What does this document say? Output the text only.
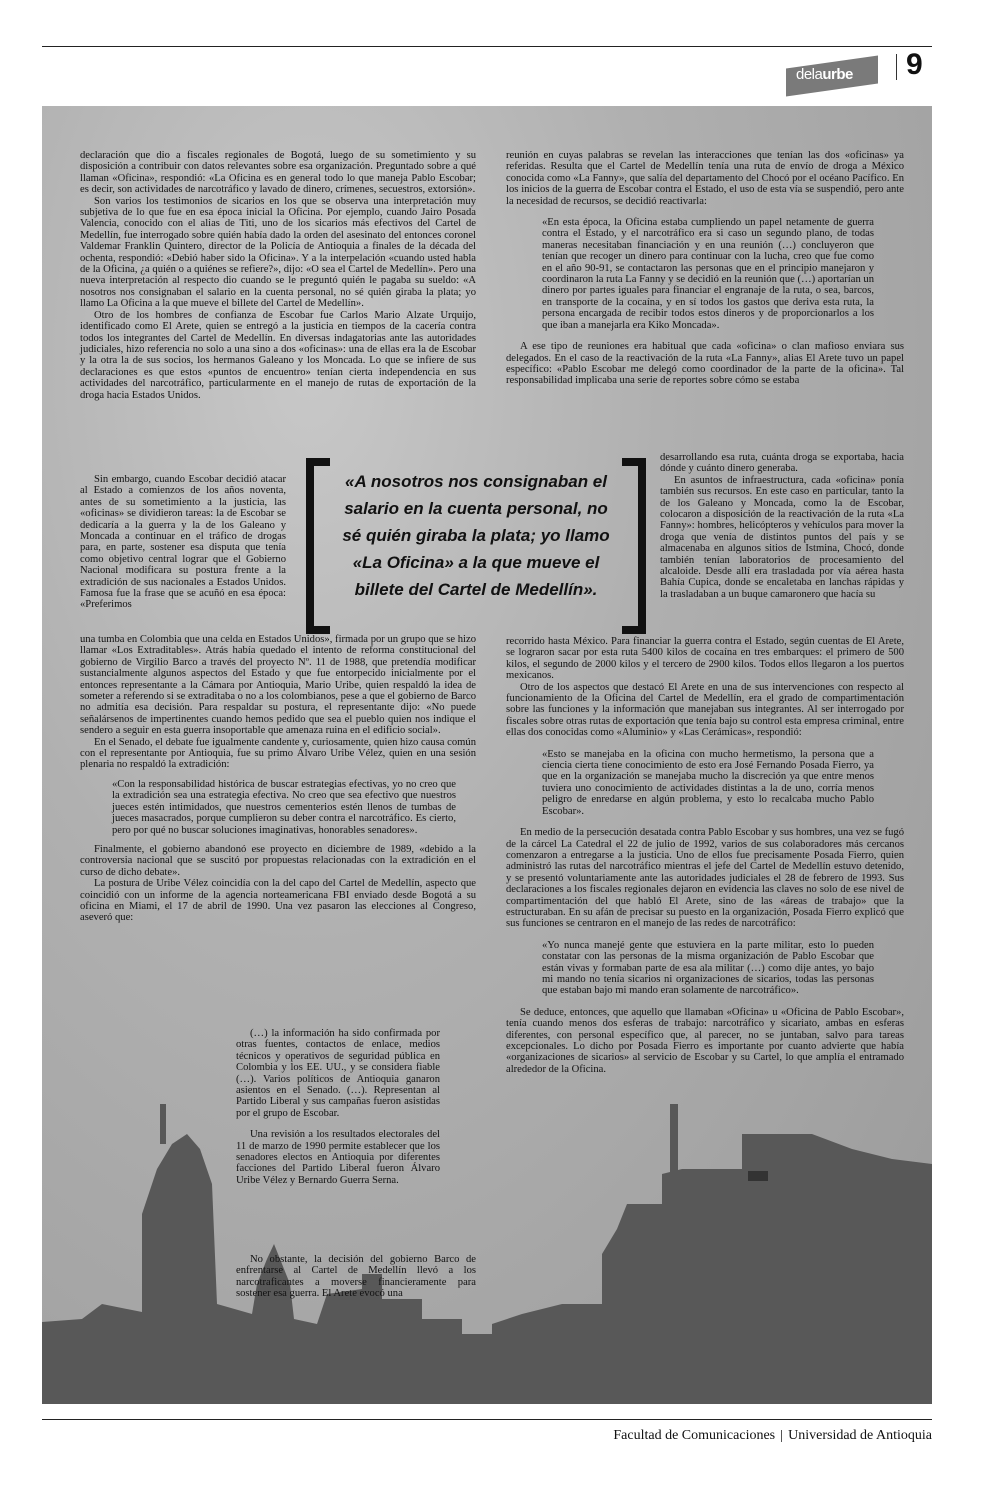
delaurbe 9

declaración que dio a fiscales regionales de Bogotá, luego de su sometimiento y su disposición a contribuir con datos relevantes sobre esa organización. Preguntado sobre a qué llaman «Oficina», respondió: «La Oficina es en general todo lo que maneja Pablo Escobar; es decir, son actividades de narcotráfico y lavado de dinero, crímenes, secuestros, extorsión».

Son varios los testimonios de sicarios en los que se observa una interpretación muy subjetiva de lo que fue en esa época inicial la Oficina. Por ejemplo, cuando Jairo Posada Valencia, conocido con el alias de Titi, uno de los sicarios más efectivos del Cartel de Medellín, fue interrogado sobre quién había dado la orden del asesinato del entonces coronel Valdemar Franklin Quintero, director de la Policía de Antioquia a finales de la década del ochenta, respondió: «Debió haber sido la Oficina». Y a la interpelación «cuando usted habla de la Oficina, ¿a quién o a quiénes se refiere?», dijo: «O sea el Cartel de Medellín». Pero una nueva interpretación al respecto dio cuando se le preguntó quién le pagaba su sueldo: «A nosotros nos consignaban el salario en la cuenta personal, no sé quién giraba la plata; yo llamo La Oficina a la que mueve el billete del Cartel de Medellín».

Otro de los hombres de confianza de Escobar fue Carlos Mario Alzate Urquijo, identificado como El Arete, quien se entregó a la justicia en tiempos de la cacería contra todos los integrantes del Cartel de Medellín. En diversas indagatorias ante las autoridades judiciales, hizo referencia no solo a una sino a dos «oficinas»: una de ellas era la de Escobar y la otra la de sus socios, los hermanos Galeano y los Moncada. Lo que se infiere de sus declaraciones es que estos «puntos de encuentro» tenían cierta independencia en sus actividades del narcotráfico, particularmente en el manejo de rutas de exportación de la droga hacia Estados Unidos.

Sin embargo, cuando Escobar decidió atacar al Estado a comienzos de los años noventa, antes de su sometimiento a la justicia, las «oficinas» se dividieron tareas: la de Escobar se dedicaría a la guerra y la de los Galeano y Moncada a continuar en el tráfico de drogas para, en parte, sostener esa disputa que tenía como objetivo central lograr que el Gobierno Nacional modificara su postura frente a la extradición de sus nacionales a Estados Unidos. Famosa fue la frase que se acuñó en esa época: «Preferimos

«A nosotros nos consignaban el salario en la cuenta personal, no sé quién giraba la plata; yo llamo «La Oficina» a la que mueve el billete del Cartel de Medellín».

una tumba en Colombia que una celda en Estados Unidos», firmada por un grupo que se hizo llamar «Los Extraditables». Atrás había quedado el intento de reforma constitucional del gobierno de Virgilio Barco a través del proyecto Nº. 11 de 1988, que pretendía modificar sustancialmente algunos aspectos del Estado y que fue entorpecido inicialmente por el entonces representante a la Cámara por Antioquia, Mario Uribe, quien respaldó la idea de someter a referendo si se extraditaba o no a los colombianos, pese a que el gobierno de Barco no admitía esa decisión. Para respaldar su postura, el representante dijo: «No puede señalársenos de impertinentes cuando hemos pedido que sea el pueblo quien nos indique el sendero a seguir en esta guerra insoportable que amenaza ruina en el edificio social».

En el Senado, el debate fue igualmente candente y, curiosamente, quien hizo causa común con el representante por Antioquia, fue su primo Álvaro Uribe Vélez, quien en una sesión plenaria no respaldó la extradición:

«Con la responsabilidad histórica de buscar estrategias efectivas, yo no creo que la extradición sea una estrategia efectiva. No creo que sea efectivo que nuestros jueces estén intimidados, que nuestros cementerios estén llenos de tumbas de jueces masacrados, porque cumplieron su deber contra el narcotráfico. Es cierto, pero por qué no buscar soluciones imaginativas, honorables senadores».

Finalmente, el gobierno abandonó ese proyecto en diciembre de 1989, «debido a la controversia nacional que se suscitó por propuestas relacionadas con la extradición en el curso de dicho debate».

La postura de Uribe Vélez coincidía con la del capo del Cartel de Medellín, aspecto que coincidió con un informe de la agencia norteamericana FBI enviado desde Bogotá a su oficina en Miami, el 17 de abril de 1990. Una vez pasaron las elecciones al Congreso, aseveró que:

(…) la información ha sido confirmada por otras fuentes, contactos de enlace, medios técnicos y operativos de seguridad pública en Colombia y los EE. UU., y se considera fiable (…). Varios políticos de Antioquia ganaron asientos en el Senado. (…). Representan al Partido Liberal y sus campañas fueron asistidas por el grupo de Escobar.

Una revisión a los resultados electorales del 11 de marzo de 1990 permite establecer que los senadores electos en Antioquia por diferentes facciones del Partido Liberal fueron Álvaro Uribe Vélez y Bernardo Guerra Serna.

No obstante, la decisión del gobierno Barco de enfrentarse al Cartel de Medellín llevó a los narcotraficantes a moverse financieramente para sostener esa guerra. El Arete evocó una

reunión en cuyas palabras se revelan las interacciones que tenían las dos «oficinas» ya referidas. Resulta que el Cartel de Medellín tenía una ruta de envío de droga a México conocida como «La Fanny», que salía del departamento del Chocó por el océano Pacífico. En los inicios de la guerra de Escobar contra el Estado, el uso de esta vía se suspendió, pero ante la necesidad de recursos, se decidió reactivarla:

«En esta época, la Oficina estaba cumpliendo un papel netamente de guerra contra el Estado, y el narcotráfico era si caso un segundo plano, de todas maneras necesitaban financiación y en una reunión (…) concluyeron que tenían que recoger un dinero para continuar con la lucha, creo que fue como en el año 90-91, se contactaron las personas que en el principio manejaron y coordinaron la ruta La Fanny y se decidió en la reunión que (…) aportarían un dinero por partes iguales para financiar el engranaje de la ruta, o sea, barcos, en transporte de la cocaína, y en sí todos los gastos que deriva esta ruta, la persona encargada de recibir todos estos dineros y de proporcionarlos a los que iban a manejarla era Kiko Moncada».

A ese tipo de reuniones era habitual que cada «oficina» o clan mafioso enviara sus delegados. En el caso de la reactivación de la ruta «La Fanny», alias El Arete tuvo un papel específico: «Pablo Escobar me delegó como coordinador de la parte de la oficina». Tal responsabilidad implicaba una serie de reportes sobre cómo se estaba

desarrollando esa ruta, cuánta droga se exportaba, hacia dónde y cuánto dinero generaba.

En asuntos de infraestructura, cada «oficina» ponía también sus recursos. En este caso en particular, tanto la de los Galeano y Moncada, como la de Escobar, colocaron a disposición de la reactivación de la ruta «La Fanny»: hombres, helicópteros y vehículos para mover la droga que venía de distintos puntos del país y se almacenaba en algunos sitios de Istmina, Chocó, donde también tenían laboratorios de procesamiento del alcaloide. Desde allí era trasladada por vía aérea hasta Bahía Cupica, donde se encaletaba en lanchas rápidas y la trasladaban a un buque camaronero que hacía su

recorrido hasta México. Para financiar la guerra contra el Estado, según cuentas de El Arete, se lograron sacar por esta ruta 5400 kilos de cocaína en tres embarques: el primero de 500 kilos, el segundo de 2000 kilos y el tercero de 2900 kilos. Todos ellos llegaron a los puertos mexicanos.

Otro de los aspectos que destacó El Arete en una de sus intervenciones con respecto al funcionamiento de la Oficina del Cartel de Medellín, era el grado de compartimentación sobre las funciones y la información que manejaban sus integrantes. Al ser interrogado por fiscales sobre otras rutas de exportación que tenía bajo su control esta empresa criminal, entre ellas dos conocidas como «Aluminio» y «Las Cerámicas», respondió:

«Esto se manejaba en la oficina con mucho hermetismo, la persona que a ciencia cierta tiene conocimiento de esto era José Fernando Posada Fierro, ya que en la organización se manejaba mucho la discreción ya que entre menos tuviera uno conocimiento de actividades distintas a la de uno, corría menos peligro de enredarse en algún problema, y esto lo recalcaba mucho Pablo Escobar».

En medio de la persecución desatada contra Pablo Escobar y sus hombres, una vez se fugó de la cárcel La Catedral el 22 de julio de 1992, varios de sus colaboradores más cercanos comenzaron a entregarse a la justicia. Uno de ellos fue precisamente Posada Fierro, quien administró las rutas del narcotráfico mientras el jefe del Cartel de Medellín estuvo detenido, y se presentó voluntariamente ante las autoridades judiciales el 28 de febrero de 1993. Sus declaraciones a los fiscales regionales dejaron en evidencia las claves no solo de ese nivel de compartimentación del que habló El Arete, sino de las «áreas de trabajo» que la estructuraban. En su afán de precisar su puesto en la organización, Posada Fierro explicó que sus funciones se centraron en el manejo de las redes de narcotráfico:

«Yo nunca manejé gente que estuviera en la parte militar, esto lo pueden constatar con las personas de la misma organización de Pablo Escobar que están vivas y formaban parte de esa ala militar (…) como dije antes, yo bajo mi mando no tenía sicarios ni organizaciones de sicarios, todas las personas que estaban bajo mi mando eran solamente de narcotráfico».

Se deduce, entonces, que aquello que llamaban «Oficina» u «Oficina de Pablo Escobar», tenía cuando menos dos esferas de trabajo: narcotráfico y sicariato, ambas en esferas diferentes, con personal específico que, al parecer, no se juntaban, salvo para tareas excepcionales. Lo dicho por Posada Fierro es importante por cuanto advierte que había «organizaciones de sicarios» al servicio de Escobar y su Cartel, lo que amplía el entramado alrededor de la Oficina.

Facultad de Comunicaciones Universidad de Antioquia
